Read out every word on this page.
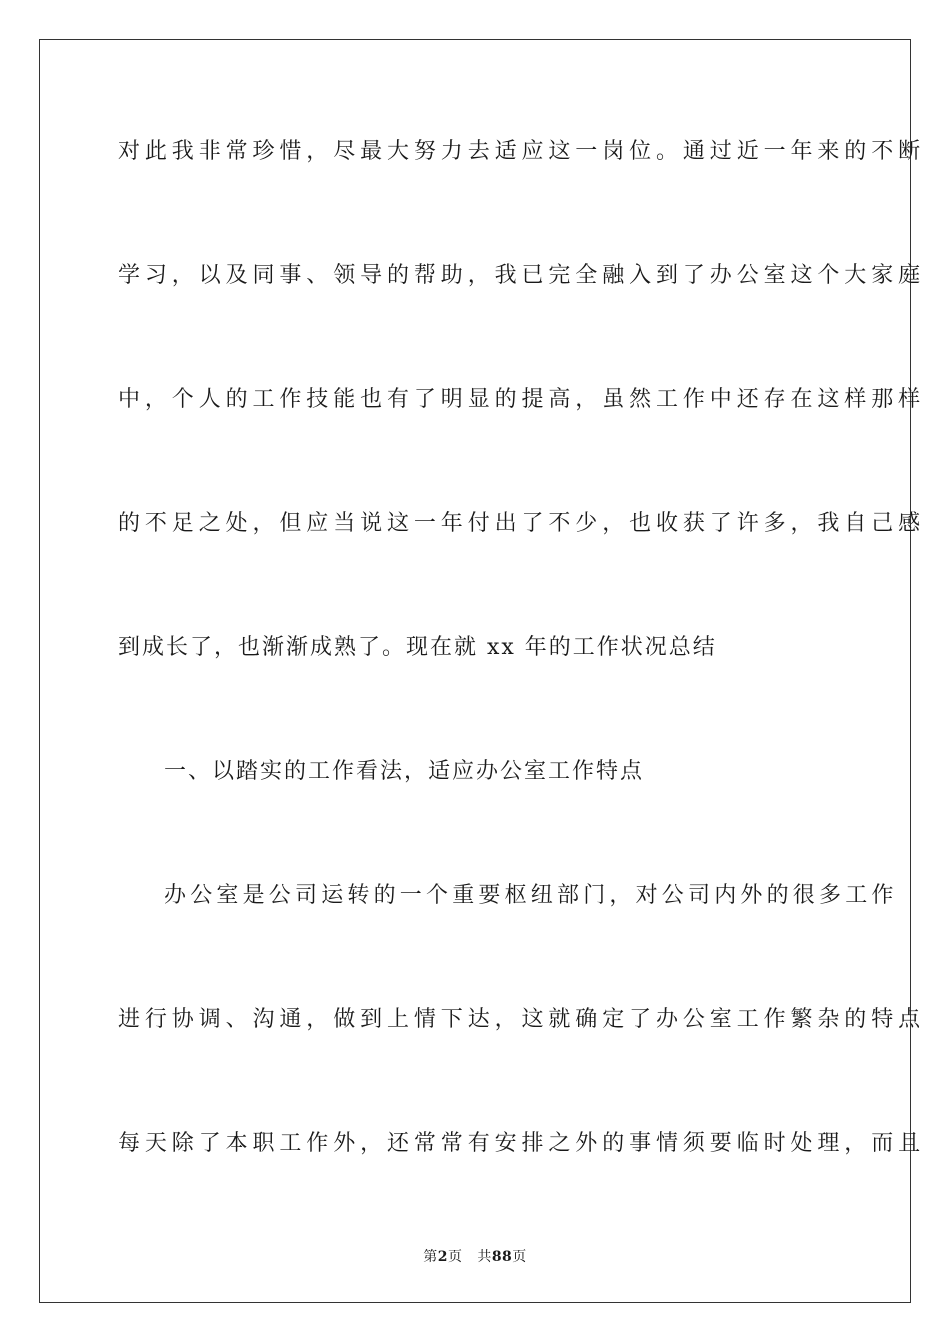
对此我非常珍惜，尽最大努力去适应这一岗位。通过近一年来的不断
学习，以及同事、领导的帮助，我已完全融入到了办公室这个大家庭
中，个人的工作技能也有了明显的提高，虽然工作中还存在这样那样
的不足之处，但应当说这一年付出了不少，也收获了许多，我自己感
到成长了，也渐渐成熟了。现在就 xx 年的工作状况总结
一、以踏实的工作看法，适应办公室工作特点
办公室是公司运转的一个重要枢纽部门，对公司内外的很多工作
进行协调、沟通，做到上情下达，这就确定了办公室工作繁杂的特点
每天除了本职工作外，还常常有安排之外的事情须要临时处理，而且
第2页 共88页
